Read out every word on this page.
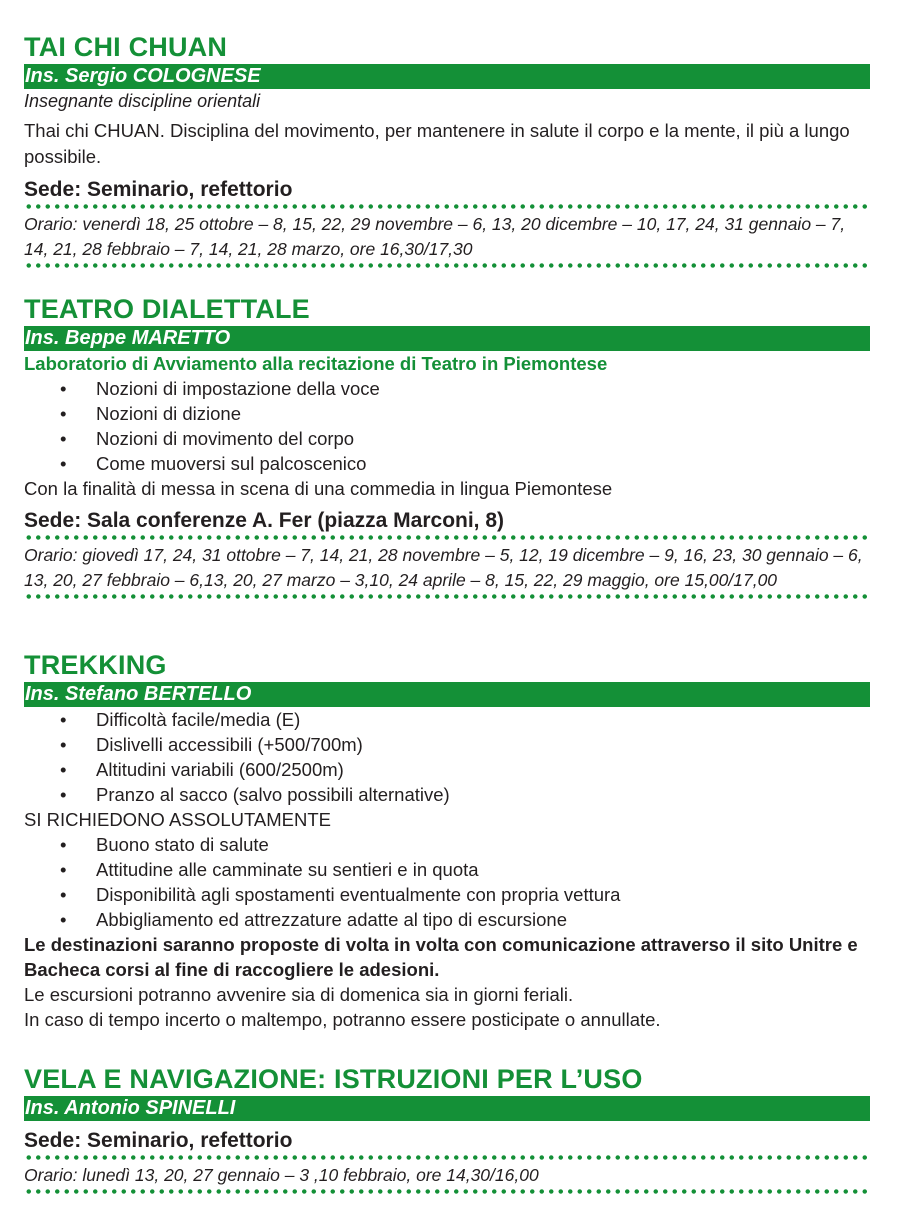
TAI CHI CHUAN
Ins. Sergio COLOGNESE
Insegnante discipline orientali
Thai chi CHUAN. Disciplina del movimento, per mantenere in salute il corpo e la mente, il più a lungo possibile.
Sede: Seminario, refettorio
Orario: venerdì 18, 25 ottobre – 8, 15, 22, 29 novembre – 6, 13, 20 dicembre – 10, 17, 24, 31 gennaio – 7, 14, 21, 28 febbraio – 7, 14, 21, 28 marzo, ore 16,30/17,30
TEATRO DIALETTALE
Ins. Beppe MARETTO
Laboratorio di Avviamento alla recitazione di Teatro in Piemontese
• Nozioni di impostazione della voce
• Nozioni di dizione
• Nozioni di movimento del corpo
• Come muoversi sul palcoscenico
Con la finalità di messa in scena di una commedia in lingua Piemontese
Sede: Sala conferenze A. Fer (piazza Marconi, 8)
Orario: giovedì 17, 24, 31 ottobre – 7, 14, 21, 28 novembre – 5, 12, 19 dicembre – 9, 16, 23, 30 gennaio – 6, 13, 20, 27 febbraio – 6,13, 20, 27 marzo – 3,10, 24 aprile – 8, 15, 22, 29 maggio, ore 15,00/17,00
TREKKING
Ins. Stefano BERTELLO
• Difficoltà facile/media (E)
• Dislivelli accessibili (+500/700m)
• Altitudini variabili (600/2500m)
• Pranzo al sacco (salvo possibili alternative)
SI RICHIEDONO ASSOLUTAMENTE
• Buono stato di salute
• Attitudine alle camminate su sentieri e in quota
• Disponibilità agli spostamenti eventualmente con propria vettura
• Abbigliamento ed attrezzature adatte al tipo di escursione
Le destinazioni saranno proposte di volta in volta con comunicazione attraverso il sito Unitre e Bacheca corsi al fine di raccogliere le adesioni.
Le escursioni potranno avvenire sia di domenica sia in giorni feriali.
In caso di tempo incerto o maltempo, potranno essere posticipate o annullate.
VELA E NAVIGAZIONE: ISTRUZIONI PER L’USO
Ins. Antonio SPINELLI
Sede: Seminario, refettorio
Orario: lunedì 13, 20, 27 gennaio – 3 ,10 febbraio, ore 14,30/16,00
